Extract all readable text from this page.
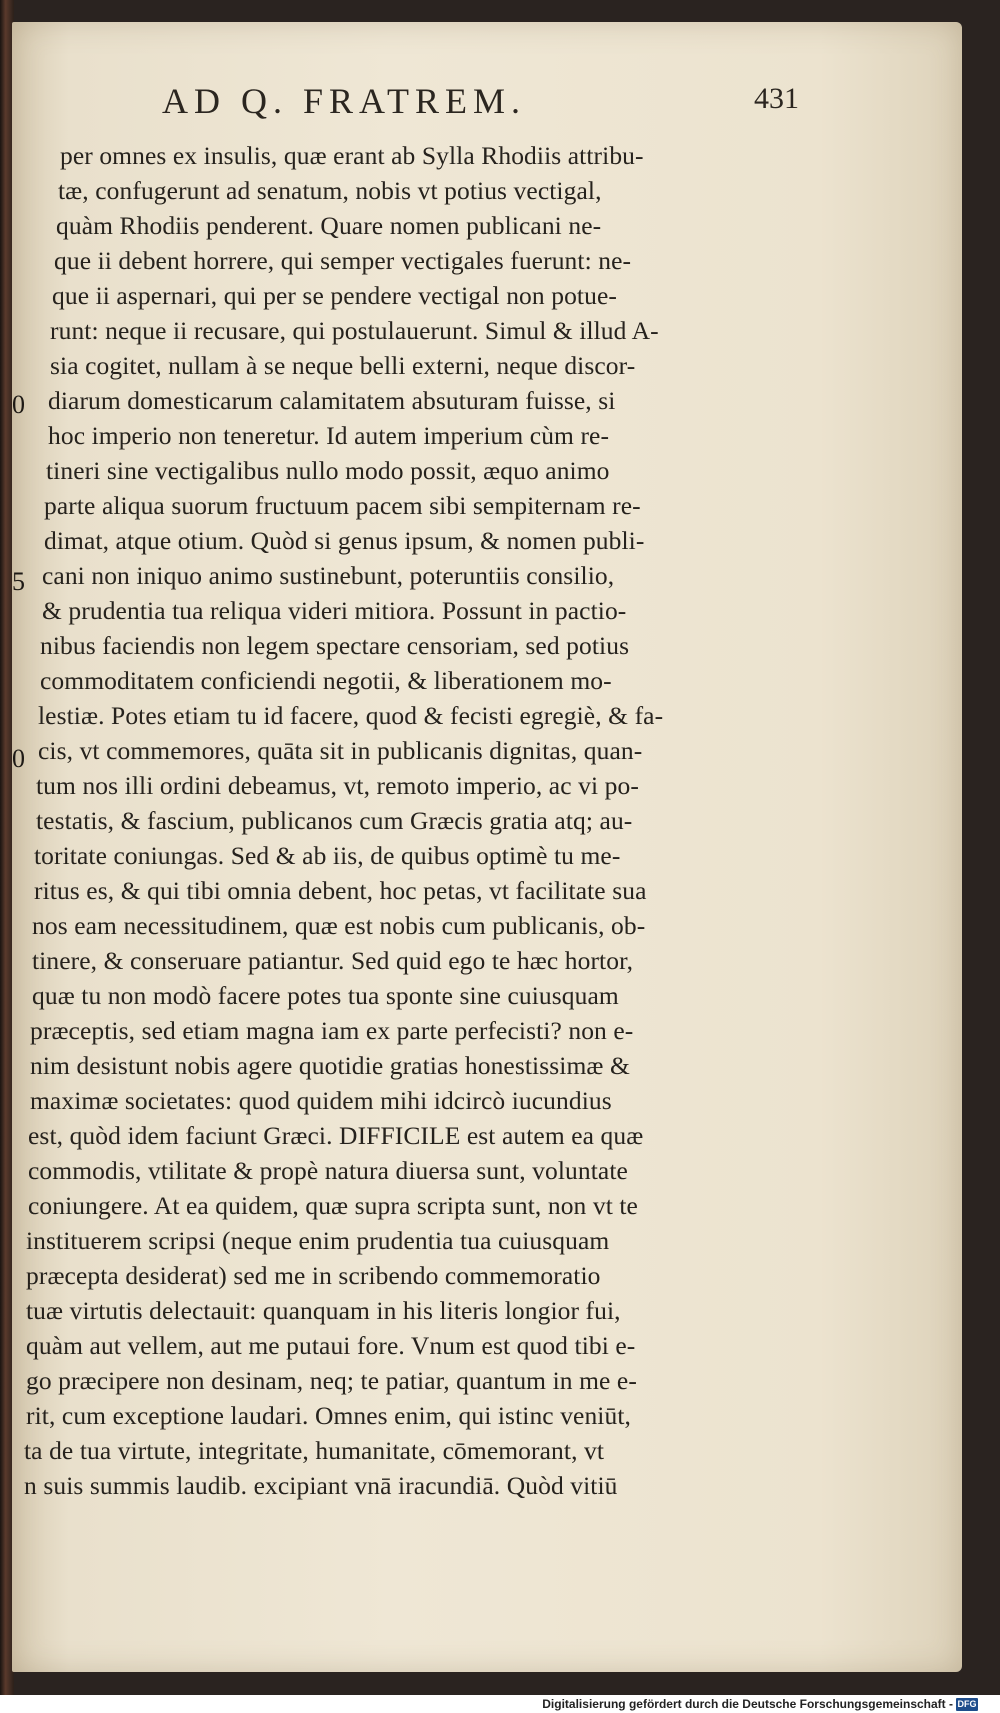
AD Q. FRATREM.	431
0
5
0
per omnes ex insulis, quæ erant ab Sylla Rhodiis attribu-
tæ, confugerunt ad senatum, nobis vt potius vectigal,
quàm Rhodiis penderent. Quare nomen publicani ne-
que ii debent horrere, qui semper vectigales fuerunt: ne-
que ii aspernari, qui per se pendere vectigal non potue-
runt: neque ii recusare, qui postulauerunt. Simul & illud A-
sia cogitet, nullam à se neque belli externi, neque discor-
diarum domesticarum calamitatem absuturam fuisse, si
hoc imperio non teneretur. Id autem imperium cùm re-
tineri sine vectigalibus nullo modo possit, æquo animo
parte aliqua suorum fructuum pacem sibi sempiternam re-
dimat, atque otium. Quòd si genus ipsum, & nomen publi-
cani non iniquo animo sustinebunt, poteruntiis consilio,
& prudentia tua reliqua videri mitiora. Possunt in pactio-
nibus faciendis non legem spectare censoriam, sed potius
commoditatem conficiendi negotii, & liberationem mo-
lestiæ. Potes etiam tu id facere, quod & fecisti egregiè, & fa-
cis, vt commemores, quāta sit in publicanis dignitas, quan-
tum nos illi ordini debeamus, vt, remoto imperio, ac vi po-
testatis, & fascium, publicanos cum Græcis gratia atq; au-
toritate coniungas. Sed & ab iis, de quibus optimè tu me-
ritus es, & qui tibi omnia debent, hoc petas, vt facilitate sua
nos eam necessitudinem, quæ est nobis cum publicanis, ob-
tinere, & conseruare patiantur. Sed quid ego te hæc hortor,
quæ tu non modò facere potes tua sponte sine cuiusquam
præceptis, sed etiam magna iam ex parte perfecisti? non e-
nim desistunt nobis agere quotidie gratias honestissimæ &
maximæ societates: quod quidem mihi idcircò iucundius
est, quòd idem faciunt Græci. DIFFICILE est autem ea quæ
commodis, vtilitate & propè natura diuersa sunt, voluntate
coniungere. At ea quidem, quæ supra scripta sunt, non vt te
instituerem scripsi (neque enim prudentia tua cuiusquam
præcepta desiderat) sed me in scribendo commemoratio
tuæ virtutis delectauit: quanquam in his literis longior fui,
quàm aut vellem, aut me putaui fore. Vnum est quod tibi e-
go præcipere non desinam, neq; te patiar, quantum in me e-
rit, cum exceptione laudari. Omnes enim, qui istinc veniūt,
ta de tua virtute, integritate, humanitate, cōmemorant, vt
n suis summis laudib. excipiant vnā iracundiā. Quòd vitiū
Digitalisierung gefördert durch die Deutsche Forschungsgemeinschaft - DFG
